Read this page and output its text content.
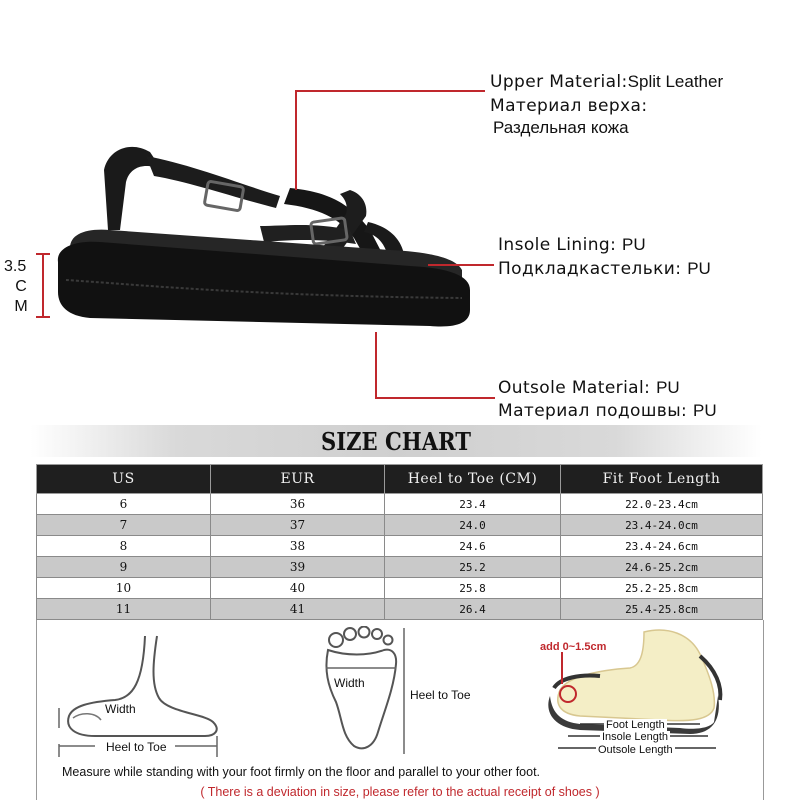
3.5
C
M
Upper Material:Split Leather
Материал верха:
Раздельная кожа
Insole Lining: PU
Подкладкастельки: PU
Outsole Material: PU
Материал подошвы: PU
SIZE CHART
US	EUR	Heel to Toe (CM)	Fit Foot Length
6	36	23.4	22.0-23.4cm
7	37	24.0	23.4-24.0cm
8	38	24.6	23.4-24.6cm
9	39	25.2	24.6-25.2cm
10	40	25.8	25.2-25.8cm
11	41	26.4	25.4-25.8cm
Width
Heel to Toe
Width
Heel to Toe
add 0~1.5cm
Foot Length
Insole Length
Outsole Length
Measure while standing with your foot firmly on the floor and parallel to your other foot.
( There is a deviation in size, please refer to the actual receipt of shoes )
